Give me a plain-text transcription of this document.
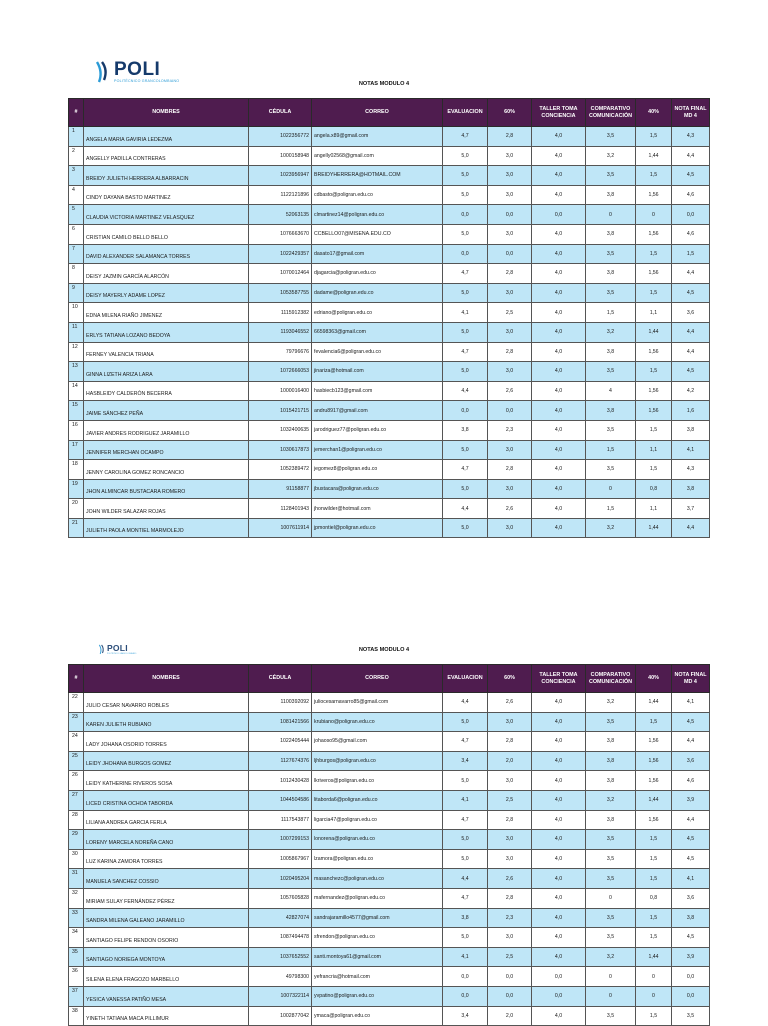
POLI
POLITÉCNICO GRANCOLOMBIANO	NOTAS MODULO 4
#	NOMBRES	CÉDULA	CORREO	EVALUACION	60%	TALLER TOMA CONCIENCIA	COMPARATIVO COMUNICACIÓN	40%	NOTA FINAL MD 4
1	ANGELA MARIA GAVIRIA LEDEZMA	1022356772	angela.x89@gmail.com	4,7	2,8	4,0	3,5	1,5	4,3
2	ANGELLY PADILLA CONTRERAS	1000158948	angelly02568@gmail.com	5,0	3,0	4,0	3,2	1,44	4,4
3	BREIDY JULIETH HERRERA ALBARRACIN	1023956947	BREIDYHERRERA@HOTMAIL.COM	5,0	3,0	4,0	3,5	1,5	4,5
4	CINDY DAYANA BASTO MARTINEZ	1122121896	cdbasto@poligran.edu.co	5,0	3,0	4,0	3,8	1,56	4,6
5	CLAUDIA VICTORIA MARTINEZ VELASQUEZ	52063135	clmartinez14@poligran.edu.co	0,0	0,0	0,0	0	0	0,0
6	CRISTIAN CAMILO BELLO BELLO	1076663670	CCBELLO07@MISENA.EDU.CO	5,0	3,0	4,0	3,8	1,56	4,6
7	DAVID ALEXANDER SALAMANCA TORRES	1022429357	dasato17@gmail.com	0,0	0,0	4,0	3,5	1,5	1,5
8	DEISY JAZMIN GARCÍA ALARCÓN	1070012464	djagarcia@poligran.edu.co	4,7	2,8	4,0	3,8	1,56	4,4
9	DEISY MAYERLY ADAME LOPEZ	1053587755	dadame@poligran.edu.co	5,0	3,0	4,0	3,5	1,5	4,5
10	EDNA MILENA RIAÑO JIMENEZ	1115912382	edriano@poligran.edu.co	4,1	2,5	4,0	1,5	1,1	3,6
11	ERLYS TATIANA LOZANO BEDOYA	1193046552	66598363@gmail.com	5,0	3,0	4,0	3,2	1,44	4,4
12	FERNEY VALENCIA TRIANA	79796676	fevalencia6@poligran.edu.co	4,7	2,8	4,0	3,8	1,56	4,4
13	GINNA LIZETH ARIZA LARA	1072666053	jinariza@hotmail.com	5,0	3,0	4,0	3,5	1,5	4,5
14	HASBLEIDY CALDERÓN BECERRA	1000016400	hasbiecb123@gmail.com	4,4	2,6	4,0	4	1,56	4,2
15	JAIME SÁNCHEZ PEÑA	1015421715	andru8917@gmail.com	0,0	0,0	4,0	3,8	1,56	1,6
16	JAVIER ANDRES RODRIGUEZ JARAMILLO	1032400635	jarodriguez77@poligran.edu.co	3,8	2,3	4,0	3,5	1,5	3,8
17	JENNIFER MERCHAN OCAMPO	1030617873	jemerchan1@poligran.edu.co	5,0	3,0	4,0	1,5	1,1	4,1
18	JENNY CAROLINA GOMEZ RONCANCIO	1052389472	jegomez8@poligran.edu.co	4,7	2,8	4,0	3,5	1,5	4,3
19	JHON ALMINCAR BUSTACARA ROMERO	91158877	jbustacara@poligran.edu.co	5,0	3,0	4,0	0	0,8	3,8
20	JOHN WILDER SALAZAR ROJAS	1128401943	jhonwilder@hotmail.com	4,4	2,6	4,0	1,5	1,1	3,7
21	JULIETH PAOLA MONTIEL MARMOLEJO	1007611914	jpmontiel@poligran.edu.co	5,0	3,0	4,0	3,2	1,44	4,4
POLI
POLITÉCNICO GRANCOLOMBIANO
NOTAS MODULO 4
#	NOMBRES	CÉDULA	CORREO	EVALUACION	60%	TALLER TOMA CONCIENCIA	COMPARATIVO COMUNICACIÓN	40%	NOTA FINAL MD 4
22	JULIO CESAR NAVARRO ROBLES	1100392092	juliocesarnavarro85@gmail.com	4,4	2,6	4,0	3,2	1,44	4,1
23	KAREN JULIETH RUBIANO	1081421566	krubiano@poligran.edu.co	5,0	3,0	4,0	3,5	1,5	4,5
24	LADY JOHANA OSORIO TORRES	1022405444	johaoso95@gmail.com	4,7	2,8	4,0	3,8	1,56	4,4
25	LEIDY JHOHANA BURGOS GOMEZ	1127674376	ljhburgos@poligran.edu.co	3,4	2,0	4,0	3,8	1,56	3,6
26	LEIDY KATHERINE RIVEROS SOSA	1012430428	lkriveros@poligran.edu.co	5,0	3,0	4,0	3,8	1,56	4,6
27	LICED CRISTINA OCHOA TABORDA	1044504586	litaborda6@poligran.edu.co	4,1	2,5	4,0	3,2	1,44	3,9
28	LILIANA ANDREA GARCIA FERLA	1117543877	ligarcia47@poligran.edu.co	4,7	2,8	4,0	3,8	1,56	4,4
29	LORENY MARCELA NOREÑA CANO	1007299153	lonorena@poligran.edu.co	5,0	3,0	4,0	3,5	1,5	4,5
30	LUZ KARINA ZAMORA TORRES	1005867967	lzamora@poligran.edu.co	5,0	3,0	4,0	3,5	1,5	4,5
31	MANUELA SANCHEZ COSSIO	1020495204	masanchezc@poligran.edu.co	4,4	2,6	4,0	3,5	1,5	4,1
32	MIRIAM SULAY FERNÁNDEZ PÉREZ	1057605828	mafernandez@poligran.edu.co	4,7	2,8	4,0	0	0,8	3,6
33	SANDRA MILENA GALEANO JARAMILLO	42827074	sandrajaramillo4577@gmail.com	3,8	2,3	4,0	3,5	1,5	3,8
34	SANTIAGO FELIPE RENDON OSORIO	1087494478	sfrendon@poligran.edu.co	5,0	3,0	4,0	3,5	1,5	4,5
35	SANTIAGO NORIEGA MONTOYA	1037652552	santi.montoya61@gmail.com	4,1	2,5	4,0	3,2	1,44	3,9
36	SILENA ELENA FRAGOZO MARBELLO	49798300	yefrancria@hotmail.com	0,0	0,0	0,0	0	0	0,0
37	YESICA VANESSA PATIÑO MESA	1007322114	yvpatino@poligran.edu.co	0,0	0,0	0,0	0	0	0,0
38	YINETH TATIANA MACA PILLIMUR	1002877042	ymaca@poligran.edu.co	3,4	2,0	4,0	3,5	1,5	3,5
